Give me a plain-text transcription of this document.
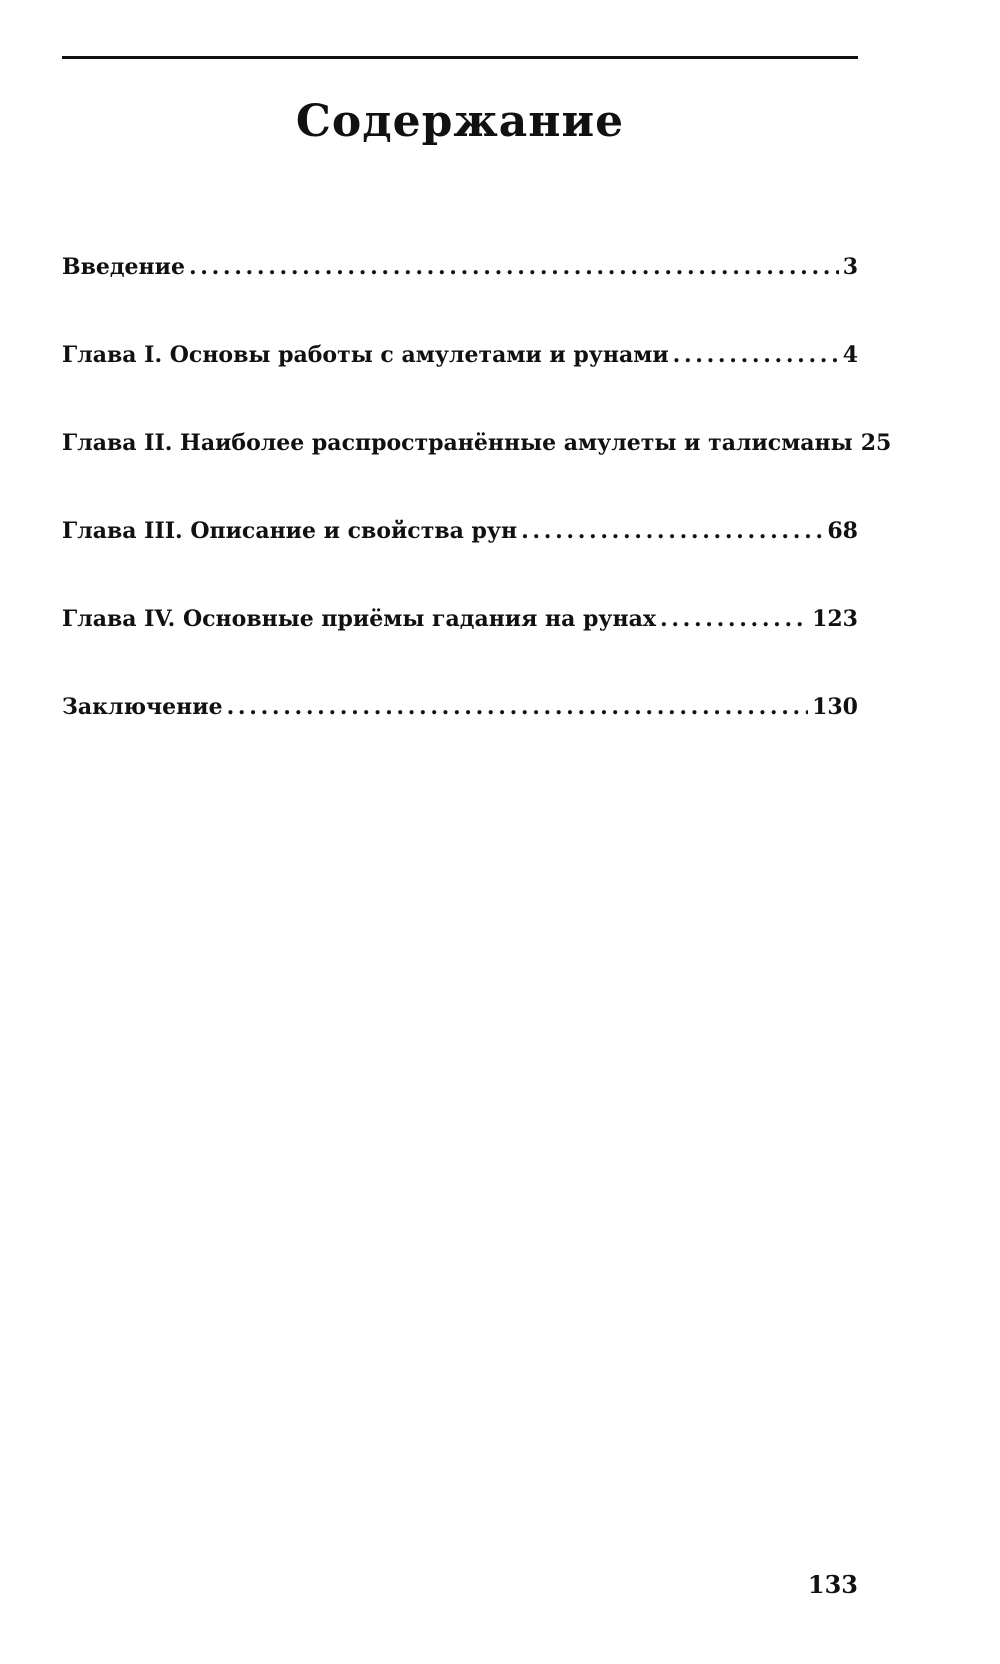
Содержание
Введение . . .	3
Глава I. Основы работы с амулетами и рунами . . .	4
Глава II. Наиболее распространённые амулеты и талисманы 25
Глава III. Описание и свойства рун . . .	68
Глава IV. Основные приёмы гадания на рунах . . .	123
Заключение . . .	130
133
